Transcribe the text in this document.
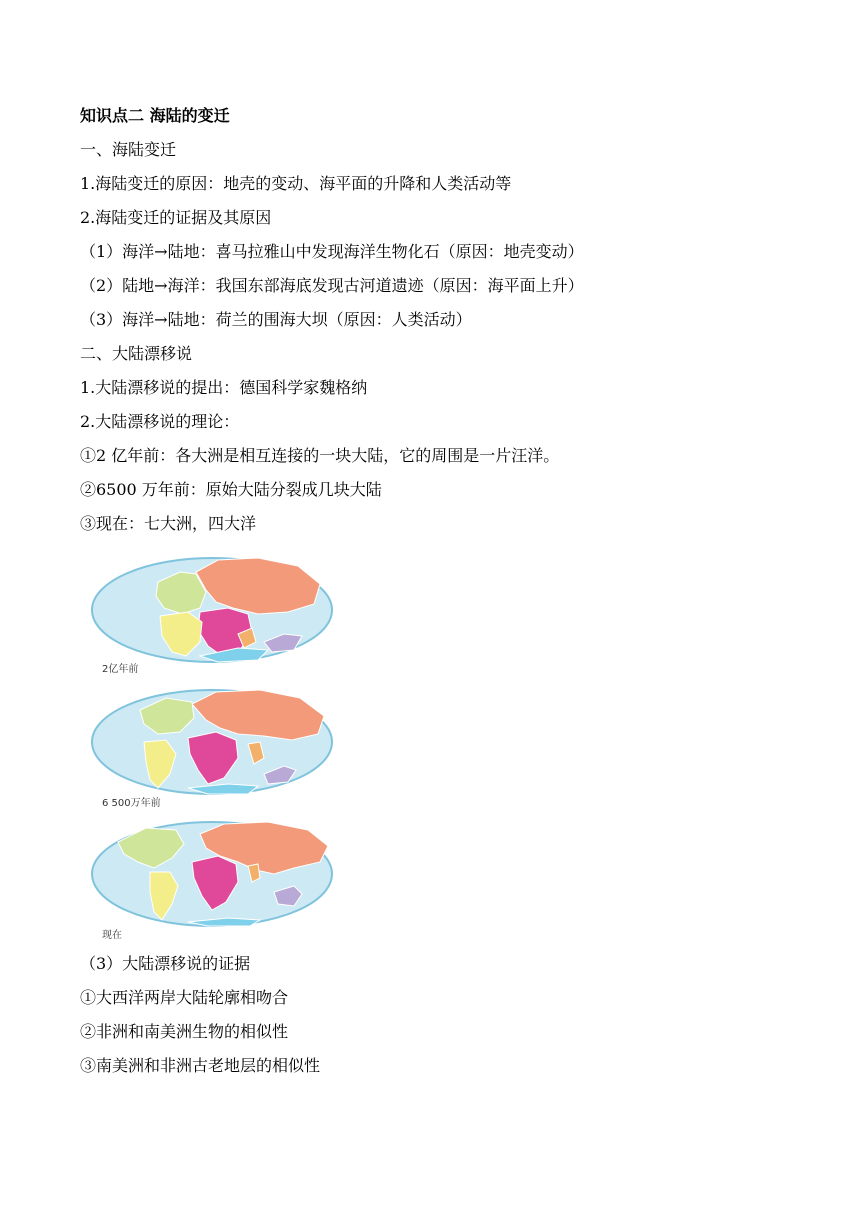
知识点二 海陆的变迁
一、海陆变迁
1.海陆变迁的原因：地壳的变动、海平面的升降和人类活动等
2.海陆变迁的证据及其原因
（1）海洋→陆地：喜马拉雅山中发现海洋生物化石（原因：地壳变动）
（2）陆地→海洋：我国东部海底发现古河道遗迹（原因：海平面上升）
（3）海洋→陆地：荷兰的围海大坝（原因：人类活动）
二、大陆漂移说
1.大陆漂移说的提出：德国科学家魏格纳
2.大陆漂移说的理论：
①2 亿年前：各大洲是相互连接的一块大陆，它的周围是一片汪洋。
②6500 万年前：原始大陆分裂成几块大陆
③现在：七大洲，四大洋
2亿年前
6 500万年前
现在
（3）大陆漂移说的证据
①大西洋两岸大陆轮廓相吻合
②非洲和南美洲生物的相似性
③南美洲和非洲古老地层的相似性
